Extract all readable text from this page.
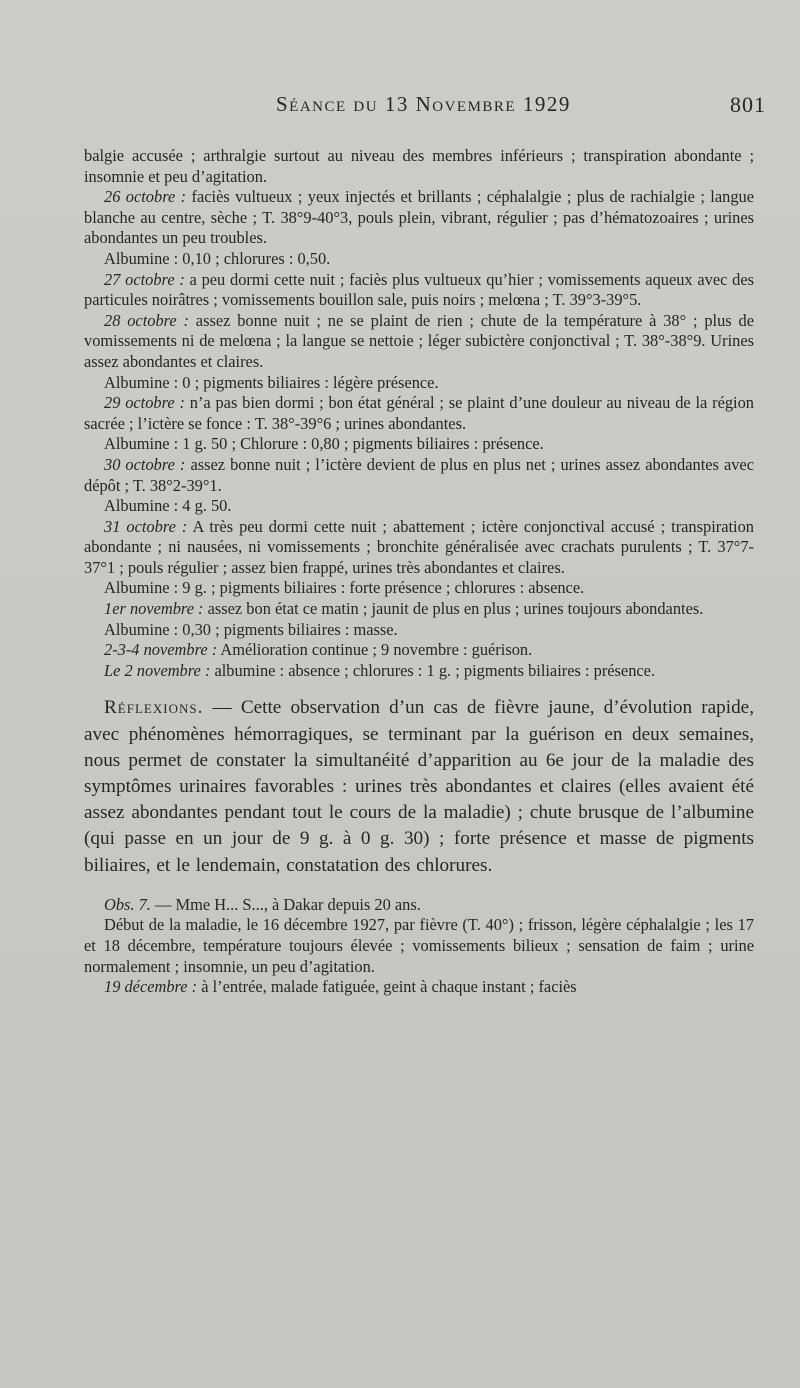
Séance du 13 Novembre 1929	801

balgie accusée ; arthralgie surtout au niveau des membres inférieurs ; transpiration abondante ; insomnie et peu d’agitation.

26 octobre : faciès vultueux ; yeux injectés et brillants ; céphalalgie ; plus de rachialgie ; langue blanche au centre, sèche ; T. 38°9-40°3, pouls plein, vibrant, régulier ; pas d’hématozoaires ; urines abondantes un peu troubles.

Albumine : 0,10 ; chlorures : 0,50.

27 octobre : a peu dormi cette nuit ; faciès plus vultueux qu’hier ; vomissements aqueux avec des particules noirâtres ; vomissements bouillon sale, puis noirs ; melœna ; T. 39°3-39°5.

28 octobre : assez bonne nuit ; ne se plaint de rien ; chute de la température à 38° ; plus de vomissements ni de melœna ; la langue se nettoie ; léger subictère conjonctival ; T. 38°-38°9. Urines assez abondantes et claires.

Albumine : 0 ; pigments biliaires : légère présence.

29 octobre : n’a pas bien dormi ; bon état général ; se plaint d’une douleur au niveau de la région sacrée ; l’ictère se fonce : T. 38°-39°6 ; urines abondantes.

Albumine : 1 g. 50 ; Chlorure : 0,80 ; pigments biliaires : présence.

30 octobre : assez bonne nuit ; l’ictère devient de plus en plus net ; urines assez abondantes avec dépôt ; T. 38°2-39°1.

Albumine : 4 g. 50.

31 octobre : A très peu dormi cette nuit ; abattement ; ictère conjonctival accusé ; transpiration abondante ; ni nausées, ni vomissements ; bronchite généralisée avec crachats purulents ; T. 37°7-37°1 ; pouls régulier ; assez bien frappé, urines très abondantes et claires.

Albumine : 9 g. ; pigments biliaires : forte présence ; chlorures : absence.

1er novembre : assez bon état ce matin ; jaunit de plus en plus ; urines toujours abondantes.

Albumine : 0,30 ; pigments biliaires : masse.

2-3-4 novembre : Amélioration continue ; 9 novembre : guérison.

Le 2 novembre : albumine : absence ; chlorures : 1 g. ; pigments biliaires : présence.

Réflexions. — Cette observation d’un cas de fièvre jaune, d’évolution rapide, avec phénomènes hémorragiques, se terminant par la guérison en deux semaines, nous permet de constater la simultanéité d’apparition au 6e jour de la maladie des symptômes urinaires favorables : urines très abondantes et claires (elles avaient été assez abondantes pendant tout le cours de la maladie) ; chute brusque de l’albumine (qui passe en un jour de 9 g. à 0 g. 30) ; forte présence et masse de pigments biliaires, et le lendemain, constatation des chlorures.

Obs. 7. — Mme H... S..., à Dakar depuis 20 ans.

Début de la maladie, le 16 décembre 1927, par fièvre (T. 40°) ; frisson, légère céphalalgie ; les 17 et 18 décembre, température toujours élevée ; vomissements bilieux ; sensation de faim ; urine normalement ; insomnie, un peu d’agitation.

19 décembre : à l’entrée, malade fatiguée, geint à chaque instant ; faciès
